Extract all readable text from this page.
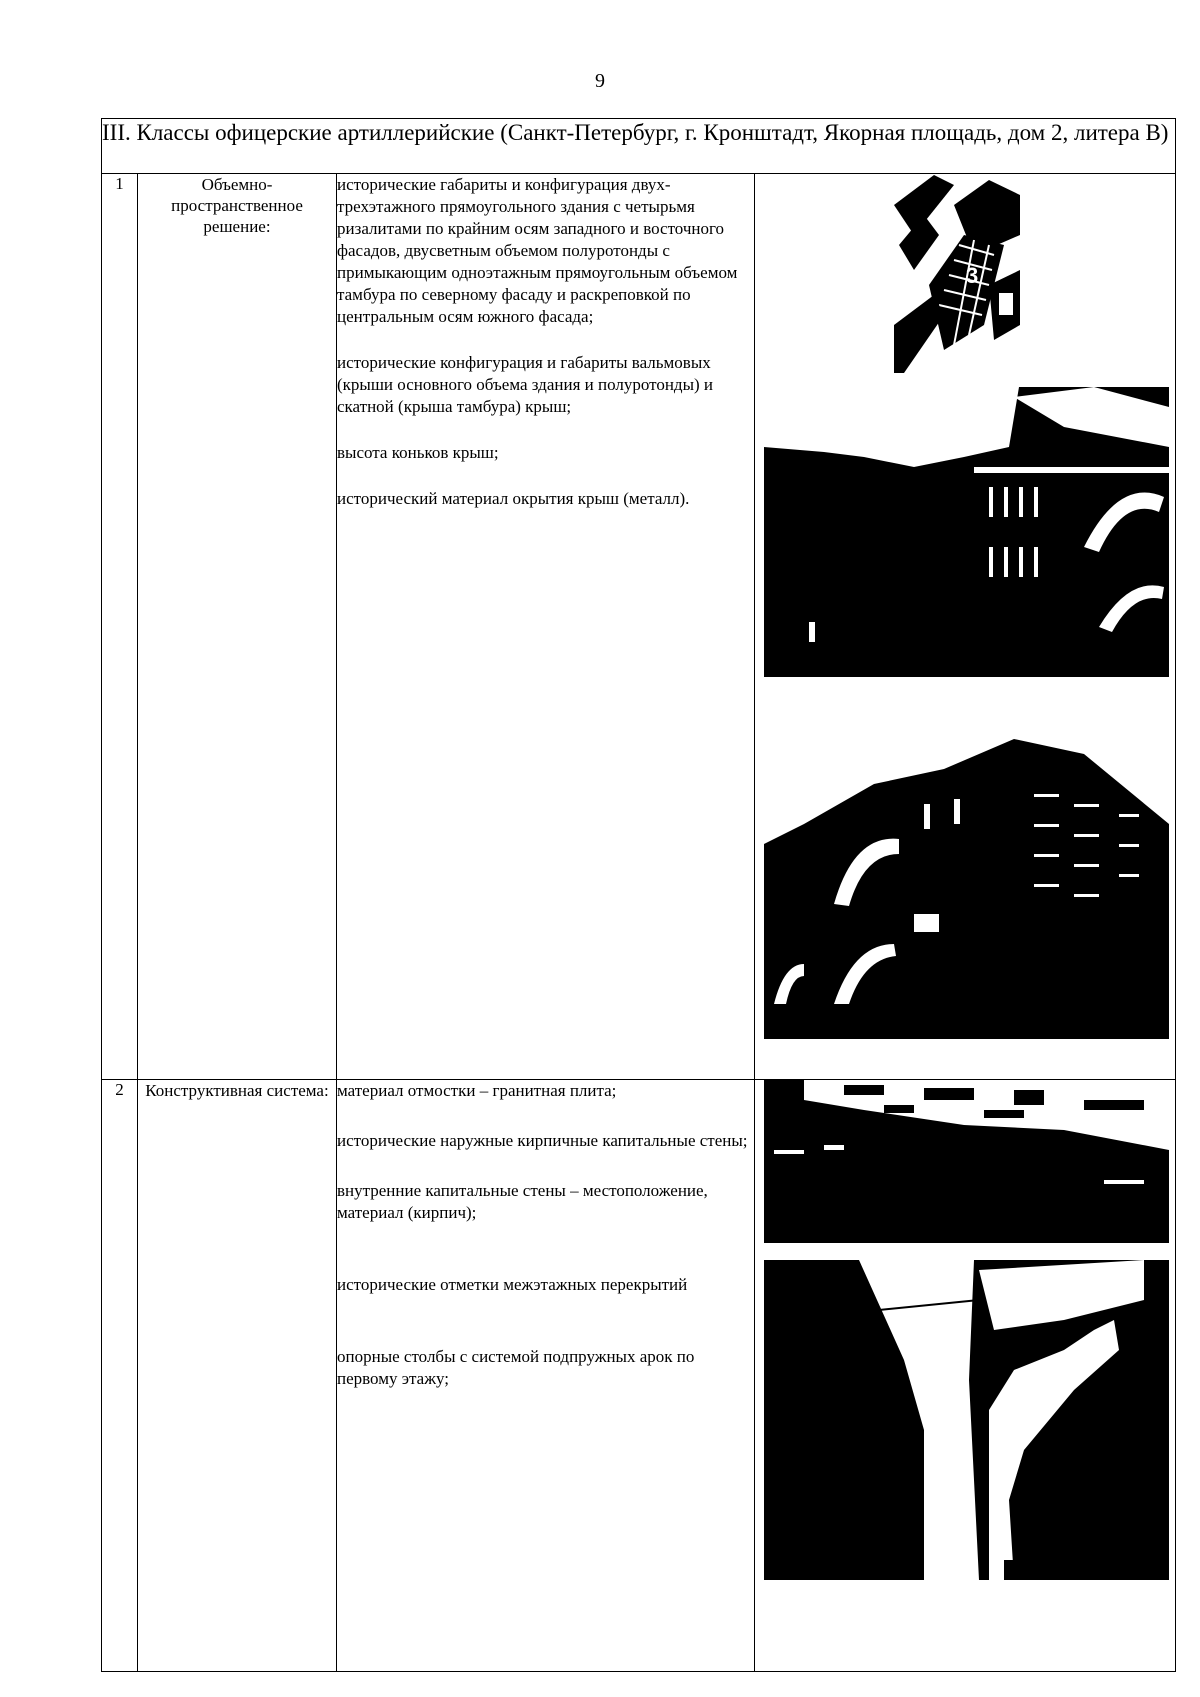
9
III. Классы офицерские артиллерийские (Санкт-Петербург, г. Кронштадт, Якорная площадь, дом 2, литера В)			
1	Объемно-пространственное решение:	исторические габариты и конфигурация двух-трехэтажного прямоугольного здания с четырьмя ризалитами по крайним осям западного и восточного фасадов, двусветным объемом полуротонды с примыкающим одноэтажным прямоугольным объемом тамбура по северному фасаду и раскреповкой по центральным осям южного фасада;

исторические конфигурация и габариты вальмовых (крыши основного объема здания и полуротонды) и скатной (крыша тамбура) крыш;

высота коньков крыш;

исторический материал окрытия крыш (металл).	3

2	Конструктивная система:	материал отмостки – гранитная плита;

исторические наружные кирпичные капитальные стены;

внутренние капитальные стены – местоположение, материал (кирпич);

исторические отметки межэтажных перекрытий

опорные столбы с системой подпружных арок по первому этажу;
